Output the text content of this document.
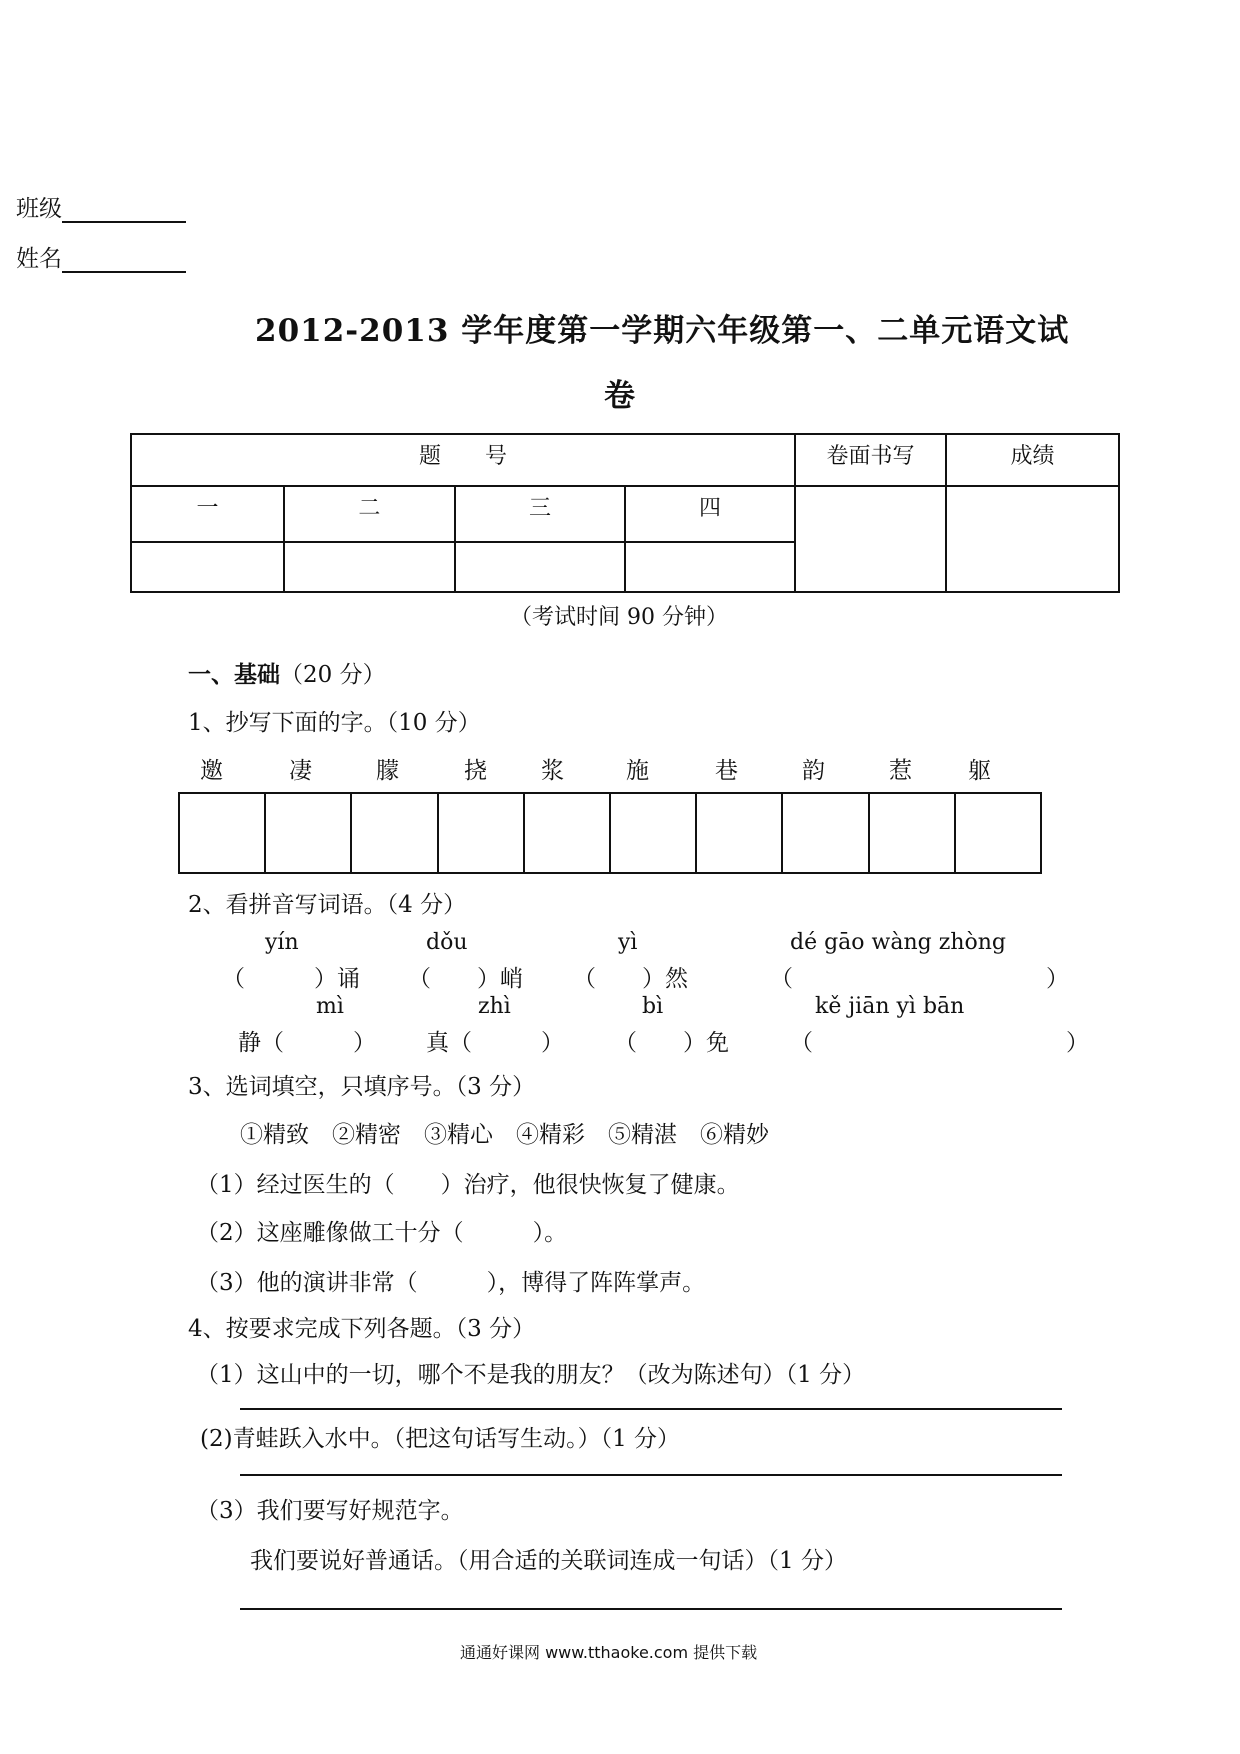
班级
姓名
2012-2013 学年度第一学期六年级第一、二单元语文试
卷
题　　号				卷面书写	成绩
一	二	三	四		

（考试时间 90 分钟）
一、基础（20 分）
1、抄写下面的字。（10 分）
邀	凄	朦	挠 浆	施	巷	韵	惹 躯
2、看拼音写词语。（4 分）
yín	dǒu	yì	dé gāo wàng zhòng
（　　　）诵 （　　）峭 （　　）然	（　　　　　　　　　　　）
mì	zhì	bì	kě jiān yì bān
静（　　　） 真（　　　） （　　）免	（　　　　　　　　　　　）
3、选词填空，只填序号。（3 分）
①精致　②精密　③精心　④精彩　⑤精湛　⑥精妙
（1）经过医生的（　　）治疗，他很快恢复了健康。
（2）这座雕像做工十分（　　　）。
（3）他的演讲非常（　　　），博得了阵阵掌声。
4、按要求完成下列各题。（3 分）
（1）这山中的一切，哪个不是我的朋友？（改为陈述句）（1 分）
(2)青蛙跃入水中。（把这句话写生动。）（1 分）
（3）我们要写好规范字。
我们要说好普通话。（用合适的关联词连成一句话）（1 分）
通通好课网 www.tthaoke.com 提供下载
